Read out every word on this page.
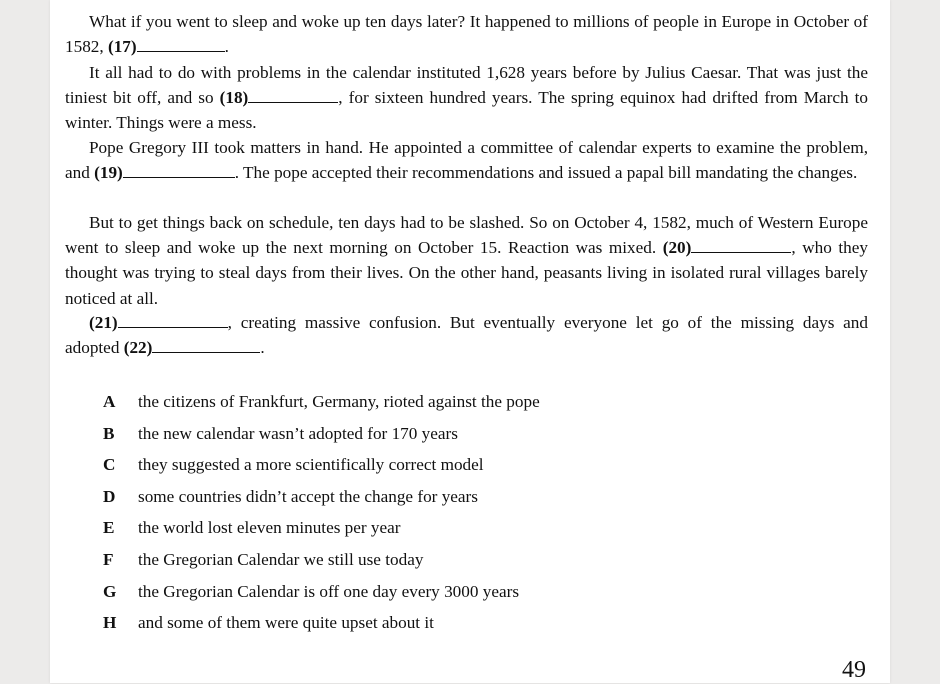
What if you went to sleep and woke up ten days later? It happened to millions of people in Europe in October of 1582, (17)	.
It all had to do with problems in the calendar instituted 1,628 years before by Julius Caesar. That was just the tiniest bit off, and so (18)	, for sixteen hundred years. The spring equinox had drifted from March to winter. Things were a mess.
Pope Gregory III took matters in hand. He appointed a committee of calendar experts to examine the problem, and (19)	. The pope accepted their recommendations and issued a papal bill mandating the changes.
But to get things back on schedule, ten days had to be slashed. So on October 4, 1582, much of Western Europe went to sleep and woke up the next morning on October 15. Reaction was mixed. (20)	, who they thought was trying to steal days from their lives. On the other hand, peasants living in isolated rural villages barely noticed at all.
(21)	, creating massive confusion. But eventually everyone let go of the missing days and adopted (22)	.
A the citizens of Frankfurt, Germany, rioted against the pope
B the new calendar wasn’t adopted for 170 years
C they suggested a more scientifically correct model
D some countries didn’t accept the change for years
E the world lost eleven minutes per year
F the Gregorian Calendar we still use today
G the Gregorian Calendar is off one day every 3000 years
H and some of them were quite upset about it
49
